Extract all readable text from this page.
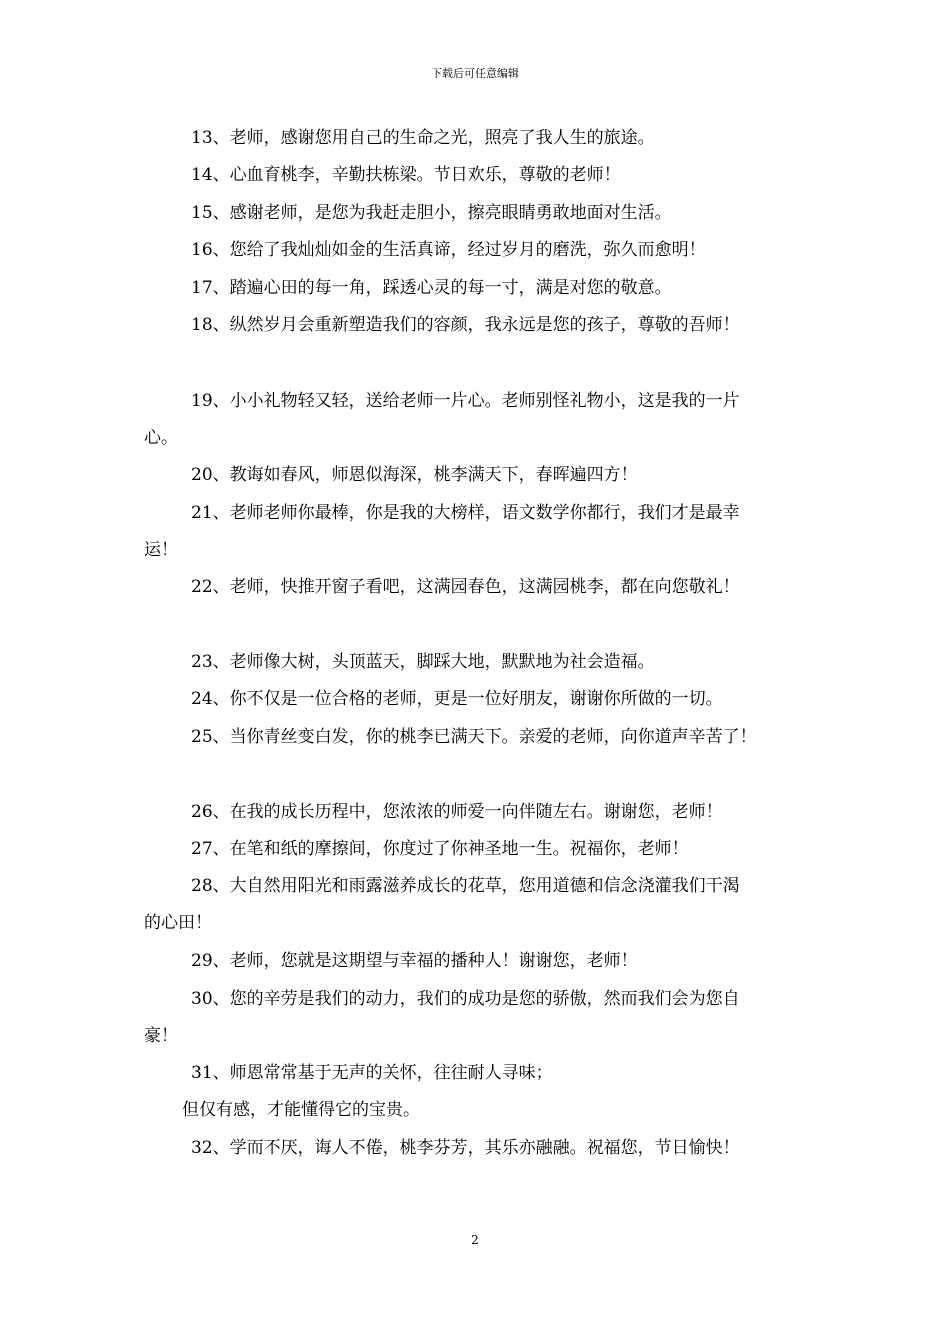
下载后可任意编辑
13、老师，感谢您用自己的生命之光，照亮了我人生的旅途。
14、心血育桃李，辛勤扶栋梁。节日欢乐，尊敬的老师！
15、感谢老师，是您为我赶走胆小，擦亮眼睛勇敢地面对生活。
16、您给了我灿灿如金的生活真谛，经过岁月的磨洗，弥久而愈明！
17、踏遍心田的每一角，踩透心灵的每一寸，满是对您的敬意。
18、纵然岁月会重新塑造我们的容颜，我永远是您的孩子，尊敬的吾师！
19、小小礼物轻又轻，送给老师一片心。老师别怪礼物小，这是我的一片
心。
20、教诲如春风，师恩似海深，桃李满天下，春晖遍四方！
21、老师老师你最棒，你是我的大榜样，语文数学你都行，我们才是最幸
运！
22、老师，快推开窗子看吧，这满园春色，这满园桃李，都在向您敬礼！
23、老师像大树，头顶蓝天，脚踩大地，默默地为社会造福。
24、你不仅是一位合格的老师，更是一位好朋友，谢谢你所做的一切。
25、当你青丝变白发，你的桃李已满天下。亲爱的老师，向你道声辛苦了！
26、在我的成长历程中，您浓浓的师爱一向伴随左右。谢谢您，老师！
27、在笔和纸的摩擦间，你度过了你神圣地一生。祝福你，老师！
28、大自然用阳光和雨露滋养成长的花草，您用道德和信念浇灌我们干渴
的心田！
29、老师，您就是这期望与幸福的播种人！谢谢您，老师！
30、您的辛劳是我们的动力，我们的成功是您的骄傲，然而我们会为您自
豪！
31、师恩常常基于无声的关怀，往往耐人寻味；
但仅有感，才能懂得它的宝贵。
32、学而不厌，诲人不倦，桃李芬芳，其乐亦融融。祝福您，节日愉快！
2
